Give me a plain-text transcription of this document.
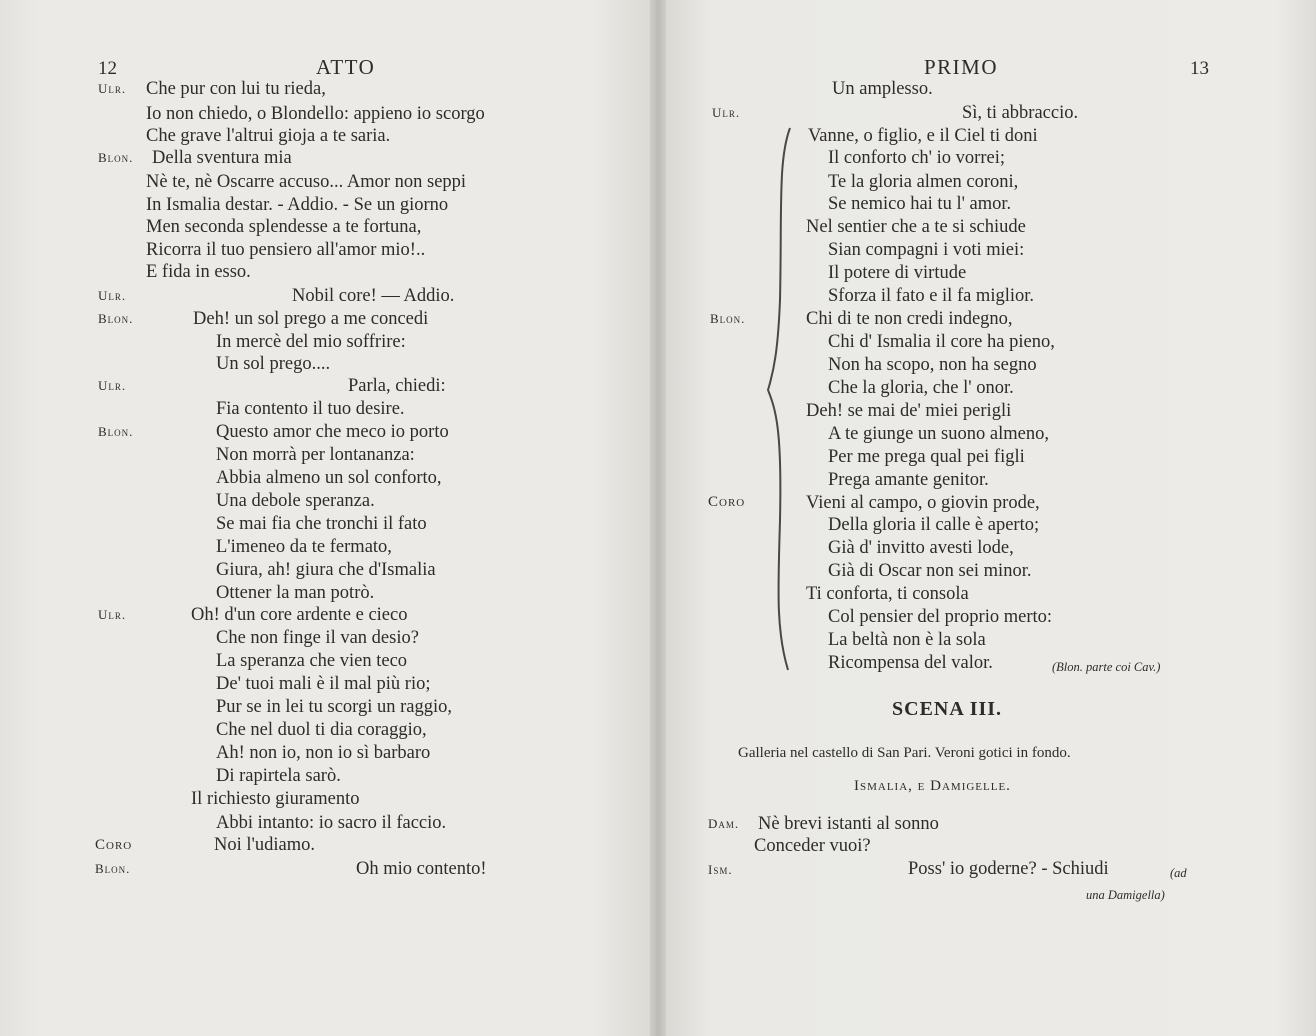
12	ATTO
Ulr. Che pur con lui tu rieda,
Io non chiedo, o Blondello: appieno io scorgo
Che grave l'altrui gioja a te saria.
Blon. Della sventura mia
Nè te, nè Oscarre accuso... Amor non seppi
In Ismalia destar. - Addio. - Se un giorno
Men seconda splendesse a te fortuna,
Ricorra il tuo pensiero all'amor mio!..
E fida in esso.
Ulr.	Nobil core! — Addio.
Blon.	Deh! un sol prego a me concedi
In mercè del mio soffrire:
Un sol prego....
Ulr.	Parla, chiedi:
Fia contento il tuo desire.
Blon.	Questo amor che meco io porto
Non morrà per lontananza:
Abbia almeno un sol conforto,
Una debole speranza.
Se mai fia che tronchi il fato
L'imeneo da te fermato,
Giura, ah! giura che d'Ismalia
Ottener la man potrò.
Ulr.	Oh! d'un core ardente e cieco
Che non finge il van desio?
La speranza che vien teco
De' tuoi mali è il mal più rio;
Pur se in lei tu scorgi un raggio,
Che nel duol ti dia coraggio,
Ah! non io, non io sì barbaro
Di rapirtela sarò.
Il richiesto giuramento
Abbi intanto: io sacro il faccio.
Coro	Noi l'udiamo.
Blon.	Oh mio contento!
PRIMO	13
Un amplesso.
Ulr.	Sì, ti abbraccio.
Vanne, o figlio, e il Ciel ti doni
Il conforto ch' io vorrei;
Te la gloria almen coroni,
Se nemico hai tu l' amor.
Nel sentier che a te si schiude
Sian compagni i voti miei:
Il potere di virtude
Sforza il fato e il fa miglior.
Blon.	Chi di te non credi indegno,
Chi d' Ismalia il core ha pieno,
Non ha scopo, non ha segno
Che la gloria, che l' onor.
Deh! se mai de' miei perigli
A te giunge un suono almeno,
Per me prega qual pei figli
Prega amante genitor.
Coro	Vieni al campo, o giovin prode,
Della gloria il calle è aperto;
Già d' invitto avesti lode,
Già di Oscar non sei minor.
Ti conforta, ti consola
Col pensier del proprio merto:
La beltà non è la sola
Ricompensa del valor.	(Blon. parte coi Cav.)
SCENA III.
Galleria nel castello di San Pari. Veroni gotici in fondo.
Ismalia, e Damigelle.
Dam. Nè brevi istanti al sonno
Conceder vuoi?
Ism.	Poss' io goderne? - Schiudi	(ad
una Damigella)
